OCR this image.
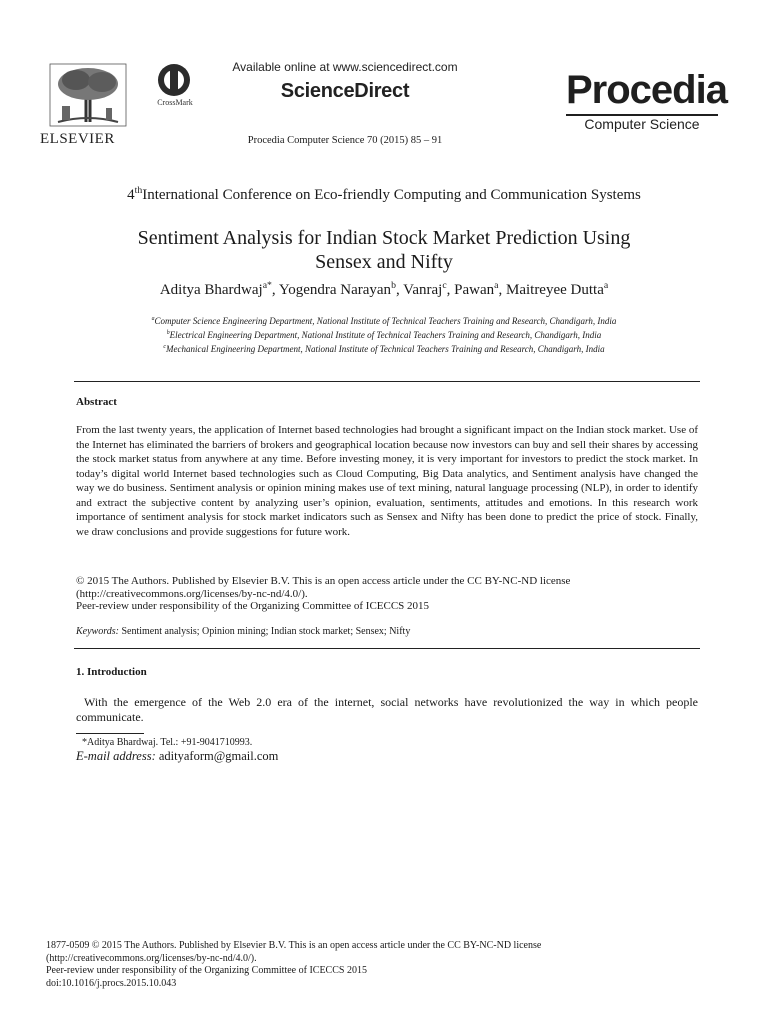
ELSEVIER
CrossMark
Available online at www.sciencedirect.com
ScienceDirect
Procedia Computer Science 70 (2015) 85 – 91
Procedia
Computer Science
4thInternational Conference on Eco-friendly Computing and Communication Systems
Sentiment Analysis for Indian Stock Market Prediction Using
Sensex and Nifty
Aditya Bhardwaj$^{a*}$, Yogendra Narayan$^b$, Vanraj$^c$, Pawan$^a$, Maitreyee Dutta$^a$
$^a$Computer Science Engineering Department, National Institute of Technical Teachers Training and Research, Chandigarh, India
$^b$Electrical Engineering Department, National Institute of Technical Teachers Training and Research, Chandigarh, India
$^c$Mechanical Engineering Department, National Institute of Technical Teachers Training and Research, Chandigarh, India
Abstract
From the last twenty years, the application of Internet based technologies had brought a significant impact on the Indian stock market. Use of the Internet has eliminated the barriers of brokers and geographical location because now investors can buy and sell their shares by accessing the stock market status from anywhere at any time. Before investing money, it is very important for investors to predict the stock market. In today’s digital world Internet based technologies such as Cloud Computing, Big Data analytics, and Sentiment analysis have changed the way we do business. Sentiment analysis or opinion mining makes use of text mining, natural language processing (NLP), in order to identify and extract the subjective content by analyzing user’s opinion, evaluation, sentiments, attitudes and emotions. In this research work importance of sentiment analysis for stock market indicators such as Sensex and Nifty has been done to predict the price of stock. Finally, we draw conclusions and provide suggestions for future work.
© 2015 The Authors. Published by Elsevier B.V. This is an open access article under the CC BY-NC-ND license
(http://creativecommons.org/licenses/by-nc-nd/4.0/).
Peer-review under responsibility of the Organizing Committee of ICECCS 2015
Keywords: Sentiment analysis; Opinion mining; Indian stock market; Sensex; Nifty
1. Introduction
With the emergence of the Web 2.0 era of the internet, social networks have revolutionized the way in which people communicate.
*Aditya Bhardwaj. Tel.: +91-9041710993.
E-mail address: adityaform@gmail.com
1877-0509 © 2015 The Authors. Published by Elsevier B.V. This is an open access article under the CC BY-NC-ND license
(http://creativecommons.org/licenses/by-nc-nd/4.0/).
Peer-review under responsibility of the Organizing Committee of ICECCS 2015
doi:10.1016/j.procs.2015.10.043
